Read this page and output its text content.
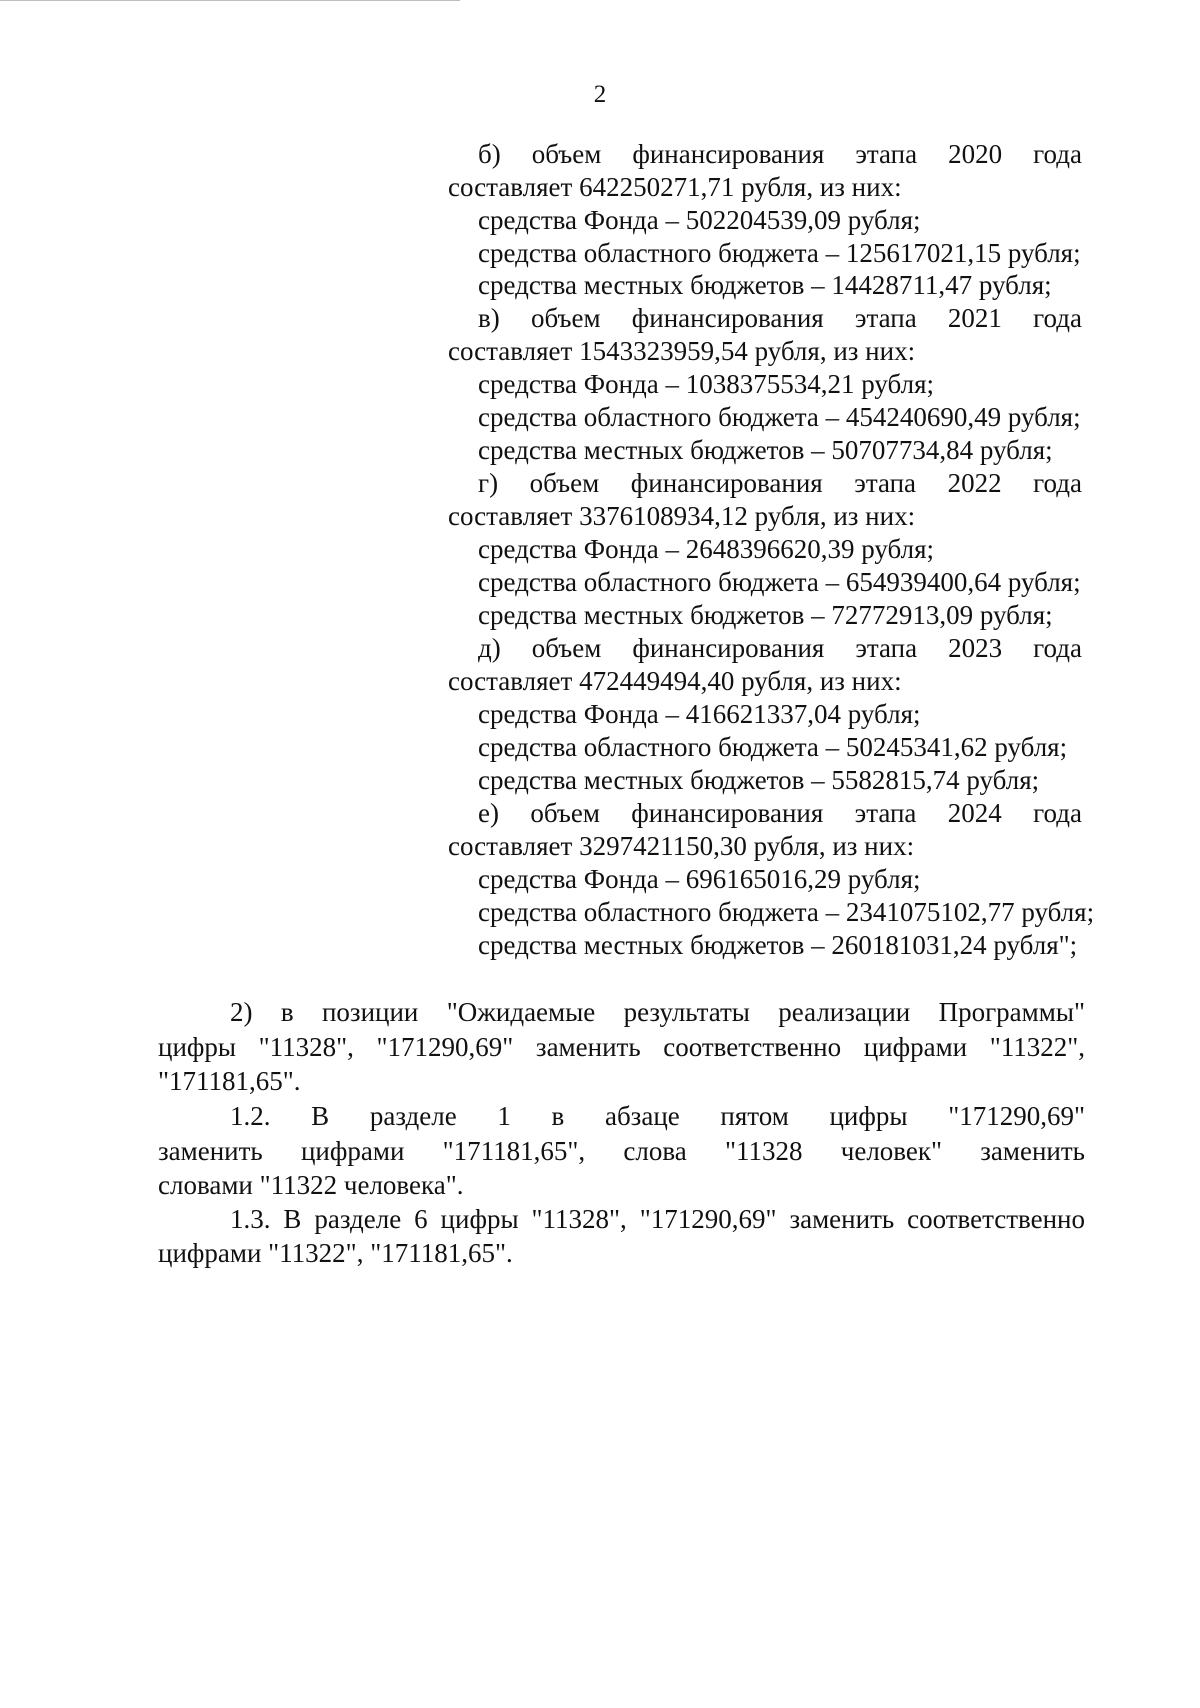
2
б) объем финансирования этапа 2020 года
составляет 642250271,71 рубля, из них:
средства Фонда – 502204539,09 рубля;
средства областного бюджета – 125617021,15 рубля;
средства местных бюджетов – 14428711,47 рубля;
в) объем финансирования этапа 2021 года
составляет 1543323959,54 рубля, из них:
средства Фонда – 1038375534,21 рубля;
средства областного бюджета – 454240690,49 рубля;
средства местных бюджетов – 50707734,84 рубля;
г) объем финансирования этапа 2022 года
составляет 3376108934,12 рубля, из них:
средства Фонда – 2648396620,39 рубля;
средства областного бюджета – 654939400,64 рубля;
средства местных бюджетов – 72772913,09 рубля;
д) объем финансирования этапа 2023 года
составляет 472449494,40 рубля, из них:
средства Фонда – 416621337,04 рубля;
средства областного бюджета – 50245341,62 рубля;
средства местных бюджетов – 5582815,74 рубля;
е) объем финансирования этапа 2024 года
составляет 3297421150,30 рубля, из них:
средства Фонда – 696165016,29 рубля;
средства областного бюджета – 2341075102,77 рубля;
средства местных бюджетов – 260181031,24 рубля";
2) в позиции "Ожидаемые результаты реализации Программы"
цифры "11328", "171290,69" заменить соответственно цифрами "11322",
"171181,65".
1.2. В разделе 1 в абзаце пятом цифры "171290,69"
заменить цифрами "171181,65", слова "11328 человек" заменить
словами "11322 человека".
1.3. В разделе 6 цифры "11328", "171290,69" заменить соответственно
цифрами "11322", "171181,65".
